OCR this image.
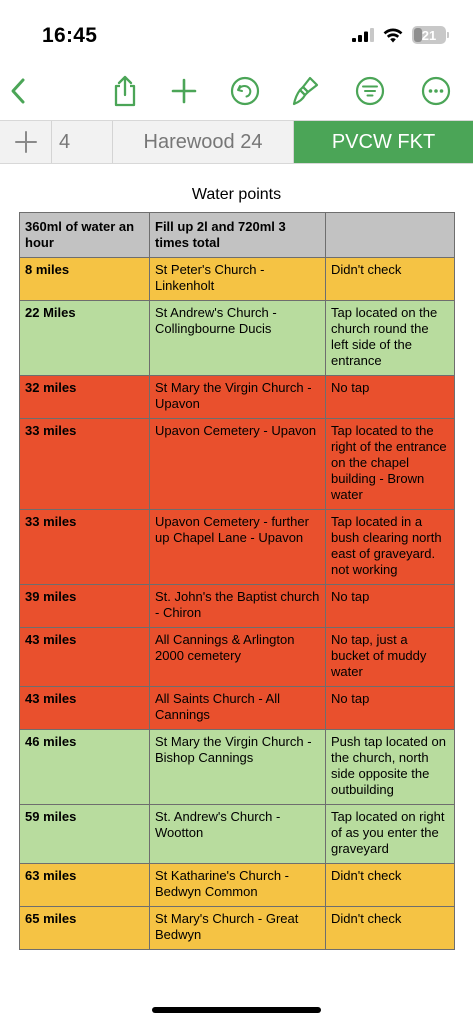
16:45	21
4	Harewood 24	PVCW FKT
Water points
360ml of water an hour	Fill up 2l and 720ml 3 times total	
8 miles	St Peter's Church - Linkenholt	Didn't check
22 Miles	St Andrew's Church - Collingbourne Ducis	Tap located on the church round the left side of the entrance
32 miles	St Mary the Virgin Church - Upavon	No tap
33 miles	Upavon Cemetery - Upavon	Tap located to the right of the entrance on the chapel building - Brown water
33 miles	Upavon Cemetery - further up Chapel Lane - Upavon	Tap located in a bush clearing north east of graveyard. not working
39 miles	St. John's the Baptist church - Chiron	No tap
43 miles	All Cannings & Arlington 2000 cemetery	No tap, just a bucket of muddy water
43 miles	All Saints Church - All Cannings	No tap
46 miles	St Mary the Virgin Church - Bishop Cannings	Push tap located on the church, north side opposite the outbuilding
59 miles	St. Andrew's Church - Wootton	Tap located on right of as you enter the graveyard
63 miles	St Katharine's Church - Bedwyn Common	Didn't check
65 miles	St Mary's Church - Great Bedwyn	Didn't check
